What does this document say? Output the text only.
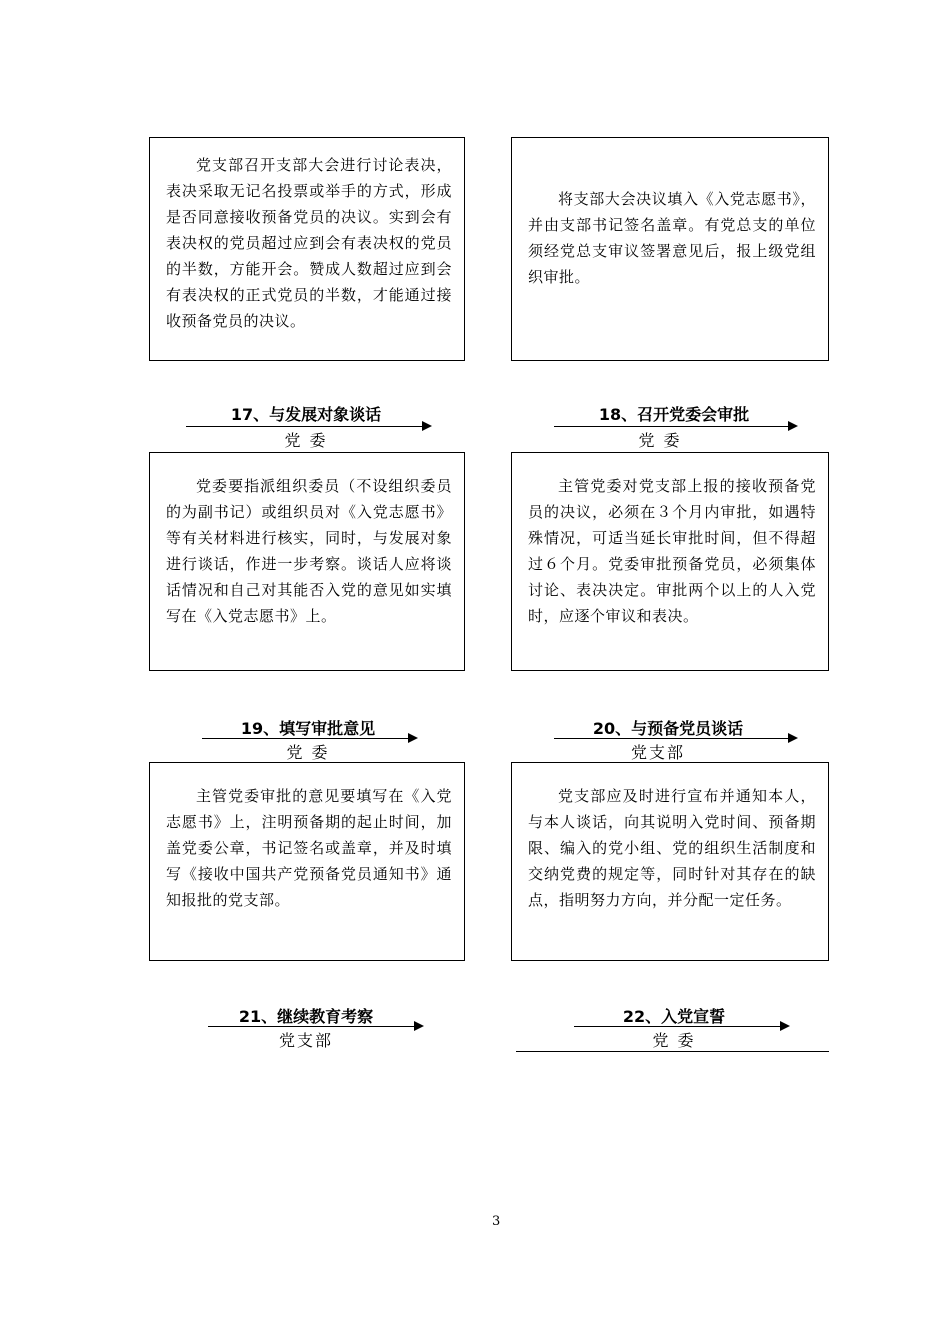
党支部召开支部大会进行讨论表决，表决采取无记名投票或举手的方式，形成是否同意接收预备党员的决议。实到会有表决权的党员超过应到会有表决权的党员的半数，方能开会。赞成人数超过应到会有表决权的正式党员的半数，才能通过接收预备党员的决议。
将支部大会决议填入《入党志愿书》，并由支部书记签名盖章。有党总支的单位须经党总支审议签署意见后，报上级党组织审批。
17、与发展对象谈话
党 委
18、召开党委会审批
党 委
党委要指派组织委员（不设组织委员的为副书记）或组织员对《入党志愿书》等有关材料进行核实，同时，与发展对象进行谈话，作进一步考察。谈话人应将谈话情况和自己对其能否入党的意见如实填写在《入党志愿书》上。
主管党委对党支部上报的接收预备党员的决议，必须在３个月内审批，如遇特殊情况，可适当延长审批时间，但不得超过６个月。党委审批预备党员，必须集体讨论、表决决定。审批两个以上的人入党时，应逐个审议和表决。
19、填写审批意见
党 委
20、与预备党员谈话
党支部
主管党委审批的意见要填写在《入党志愿书》上，注明预备期的起止时间，加盖党委公章，书记签名或盖章，并及时填写《接收中国共产党预备党员通知书》通知报批的党支部。
党支部应及时进行宣布并通知本人，与本人谈话，向其说明入党时间、预备期限、编入的党小组、党的组织生活制度和交纳党费的规定等，同时针对其存在的缺点，指明努力方向，并分配一定任务。
21、继续教育考察
党支部
22、入党宣誓
党 委
3
